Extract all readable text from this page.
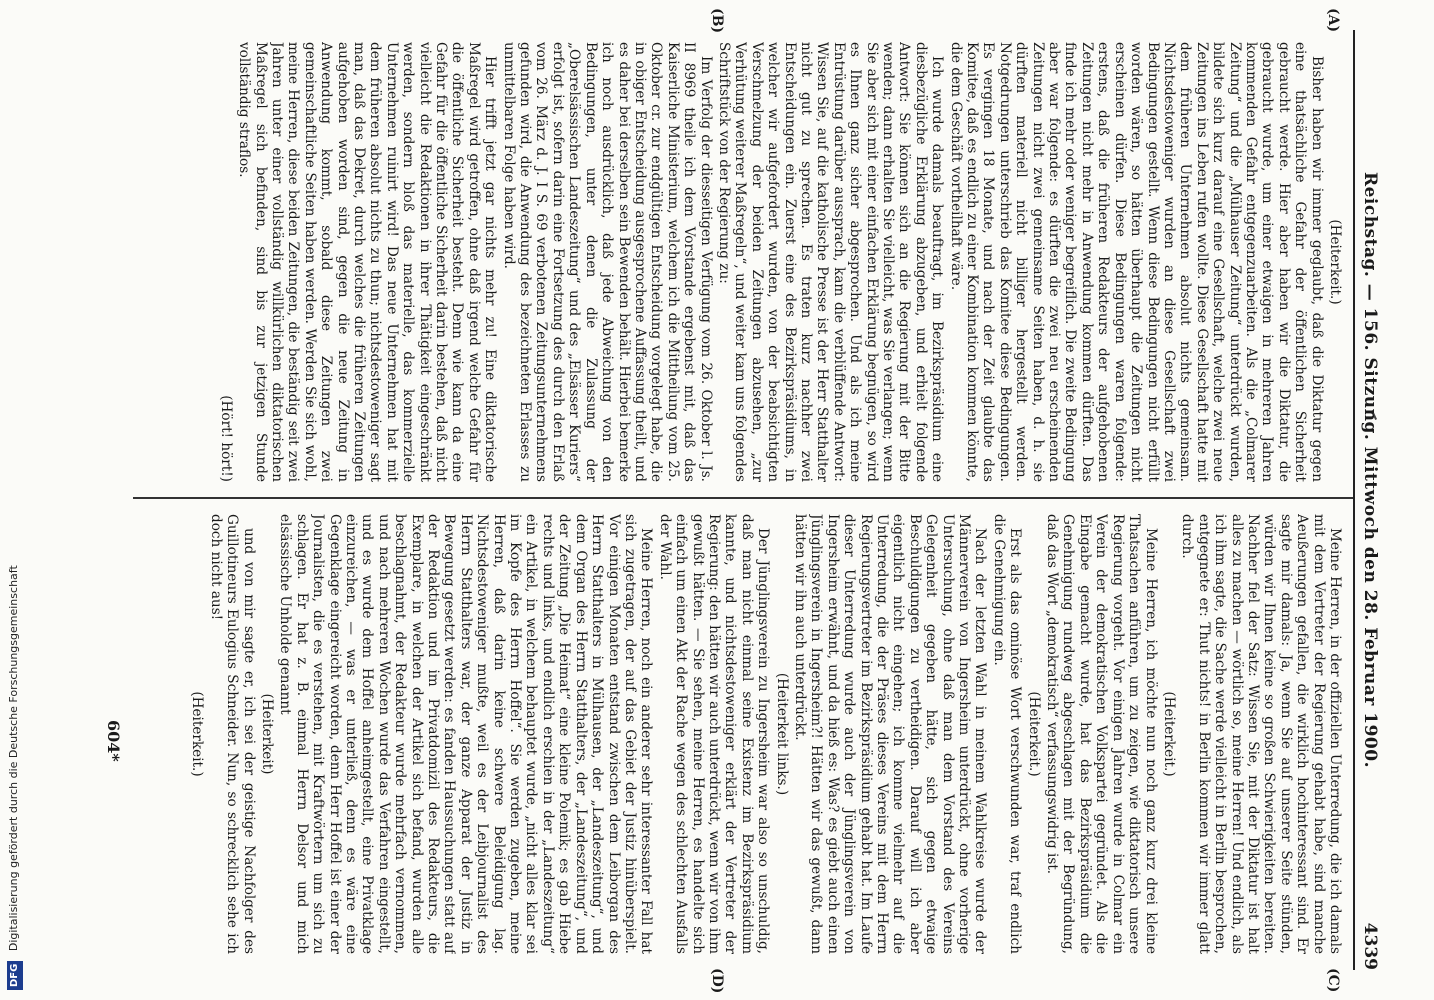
Reichstag. — 156. Sitzung. Mittwoch den 28. Februar 1900.
4339
(A)
(B)
(C)
(D)

(Heiterkeit.)

Bisher haben wir immer geglaubt, daß die Diktatur gegen eine thatsächliche Gefahr der öffentlichen Sicherheit gebraucht werde. Hier aber haben wir die Diktatur, die gebraucht wurde, um einer etwaigen in mehreren Jahren kommenden Gefahr entgegenzuarbeiten. Als die „Colmarer Zeitung“ und die „Mülhauser Zeitung“ unterdrückt wurden, bildete sich kurz darauf eine Gesellschaft, welche zwei neue Zeitungen ins Leben rufen wollte. Diese Gesellschaft hatte mit dem früheren Unternehmen absolut nichts gemeinsam. Nichtsdestoweniger wurden an diese Gesellschaft zwei Bedingungen gestellt. Wenn diese Bedingungen nicht erfüllt worden wären, so hätten überhaupt die Zeitungen nicht erscheinen dürfen. Diese Bedingungen waren folgende: erstens, daß die früheren Redakteurs der aufgehobenen Zeitungen nicht mehr in Anwendung kommen dürften. Das finde ich mehr oder weniger begreiflich. Die zweite Bedingung aber war folgende: es dürften die zwei neu erscheinenden Zeitungen nicht zwei gemeinsame Seiten haben, d. h. sie dürften materiell nicht billiger hergestellt werden. Notgedrungen unterschrieb das Komitee diese Bedingungen. Es vergingen 18 Monate, und nach der Zeit glaubte das Komitee, daß es endlich zu einer Kombination kommen könnte, die dem Geschäft vortheilhaft wäre.

Ich wurde damals beauftragt, im Bezirkspräsidium eine diesbezügliche Erklärung abzugeben, und erhielt folgende Antwort: Sie können sich an die Regierung mit der Bitte wenden; dann erhalten Sie vielleicht, was Sie verlangen; wenn Sie aber sich mit einer einfachen Erklärung begnügen, so wird es Ihnen ganz sicher abgesprochen. Und als ich meine Entrüstung darüber aussprach, kam die verblüffende Antwort: Wissen Sie, auf die katholische Presse ist der Herr Statthalter nicht gut zu sprechen. Es traten kurz nachher zwei Entscheidungen ein. Zuerst eine des Bezirkspräsidiums, in welcher wir aufgefordert wurden, von der beabsichtigten Verschmelzung der beiden Zeitungen abzusehen, „zur Verhütung weiterer Maßregeln“, und weiter kam uns folgendes Schriftstück von der Regierung zu:

Im Verfolg der diesseitigen Verfügung vom 26. Oktober l. Js. II 8969 theile ich dem Vorstande ergebenst mit, daß das Kaiserliche Ministerium, welchem ich die Mittheilung vom 25. Oktober cr. zur endgültigen Entscheidung vorgelegt habe, die in obiger Entscheidung ausgesprochene Auffassung theilt, und es daher bei derselben sein Bewenden behält. Hierbei bemerke ich noch ausdrücklich, daß jede Abweichung von den Bedingungen, unter denen die Zulassung der „Oberelsässischen Landeszeitung“ und des „Elsässer Kuriers“ erfolgt ist, sofern darin eine Fortsetzung des durch den Erlaß vom 26. März d. J. I S. 69 verbotenen Zeitungsunternehmens gefunden wird, die Anwendung des bezeichneten Erlasses zu unmittelbaren Folge haben wird.

Hier trifft jetzt gar nichts mehr zu! Eine diktatorische Maßregel wird getroffen, ohne daß irgend welche Gefahr für die öffentliche Sicherheit besteht. Denn wie kann da eine Gefahr für die öffentliche Sicherheit darin bestehen, daß nicht vielleicht die Redaktionen in ihrer Thätigkeit eingeschränkt werden, sondern bloß das materielle, das kommerzielle Unternehmen ruinirt wird! Das neue Unternehmen hat mit dem früheren absolut nichts zu thun; nichtsdestoweniger sagt man, daß das Dekret, durch welches die früheren Zeitungen aufgehoben worden sind, gegen die neue Zeitung in Anwendung kommt, sobald diese Zeitungen zwei gemeinschaftliche Seiten haben werden. Werden Sie sich wohl, meine Herren, diese beiden Zeitungen, die beständig seit zwei Jahren unter einer vollständig willkürlichen diktatorischen Maßregel sich befinden, sind bis zur jetzigen Stunde vollständig straflos.

(Hört! hört!)

Meine Herren, in der offiziellen Unterredung, die ich damals mit dem Vertreter der Regierung gehabt habe, sind manche Aeußerungen gefallen, die wirklich hochinteressant sind. Er sagte mir damals: Ja, wenn Sie auf unserer Seite stünden, würden wir Ihnen keine so großen Schwierigkeiten bereiten. Nachher fiel der Satz: Wissen Sie, mit der Diktatur ist halt alles zu machen — wörtlich so, meine Herren! Und endlich, als ich ihm sagte, die Sache werde vielleicht in Berlin besprochen, entgegnete er: Thut nichts! in Berlin kommen wir immer glatt durch.

(Heiterkeit.)

Meine Herren, ich möchte nun noch ganz kurz drei kleine Thatsachen anführen, um zu zeigen, wie diktatorisch unsere Regierung vorgeht. Vor einigen Jahren wurde in Colmar ein Verein der demokratischen Volkspartei gegründet. Als die Eingabe gemacht wurde, hat das Bezirkspräsidium die Genehmigung rundweg abgeschlagen mit der Begründung, daß das Wort „demokratisch“ verfassungswidrig ist.

(Heiterkeit.)

Erst als das ominöse Wort verschwunden war, traf endlich die Genehmigung ein.

Nach der letzten Wahl in meinem Wahlkreise wurde der Männerverein von Ingersheim unterdrückt, ohne vorherige Untersuchung, ohne daß man dem Vorstand des Vereins Gelegenheit gegeben hätte, sich gegen etwaige Beschuldigungen zu vertheidigen. Darauf will ich aber eigentlich nicht eingehen; ich komme vielmehr auf die Unterredung, die der Präses dieses Vereins mit dem Herrn Regierungsvertreter im Bezirkspräsidium gehabt hat. Im Laufe dieser Unterredung wurde auch der Jünglingsverein von Ingersheim erwähnt, und da hieß es: Was? es giebt auch einen Jünglingsverein in Ingersheim?! Hätten wir das gewußt, dann hätten wir ihn auch unterdrückt.

(Heiterkeit links.)

Der Jünglingsverein zu Ingersheim war also so unschuldig, daß man nicht einmal seine Existenz im Bezirkspräsidium kannte, und nichtsdestoweniger erklärt der Vertreter der Regierung: den hätten wir auch unterdrückt, wenn wir von ihm gewußt hätten. — Sie sehen, meine Herren, es handelte sich einfach um einen Akt der Rache wegen des schlechten Ausfalls der Wahl.

Meine Herren, noch ein anderer sehr interessanter Fall hat sich zugetragen, der auf das Gebiet der Justiz hinüberspielt. Vor einigen Monaten entstand zwischen dem Leiborgan des Herrn Statthalters in Mülhausen, der „Landeszeitung“, und dem Organ des Herrn Statthalters, der „Landeszeitung“, und der Zeitung „Die Heimat“ eine kleine Polemik; es gab Hiebe rechts und links, und endlich erschien in der „Landeszeitung“ ein Artikel, in welchem behauptet wurde, „nicht alles klar sei im Kopfe des Herrn Hoffel“. Sie werden zugeben, meine Herren, daß darin keine schwere Beleidigung lag. Nichtsdestoweniger mußte, weil es der Leibjournalist des Herrn Statthalters war, der ganze Apparat der Justiz in Bewegung gesetzt werden: es fanden Haussuchungen statt auf der Redaktion und im Privatdomizil des Redakteurs, die Exemplare, in welchen der Artikel sich befand, wurden alle beschlagnahmt, der Redakteur wurde mehrfach vernommen, und nach mehreren Wochen wurde das Verfahren eingestellt, und es wurde dem Hoffel anheimgestellt, eine Privatklage einzureichen, — was er unterließ, denn es wäre eine Gegenklage eingereicht worden, denn Herr Hoffel ist einer der Journalisten, die es verstehen, mit Kraftwörtern um sich zu schlagen. Er hat z. B. einmal Herrn Delsor und mich elsässische Unholde genannt

(Heiterkeit)

und von mir sagte er, ich sei der geistige Nachfolger des Guillotineurs Eulogius Schneider. Nun, so schrecklich sehe ich doch nicht aus!

(Heiterkeit.)

604*
DFG Digitalisierung gefördert durch die Deutsche Forschungsgemeinschaft
